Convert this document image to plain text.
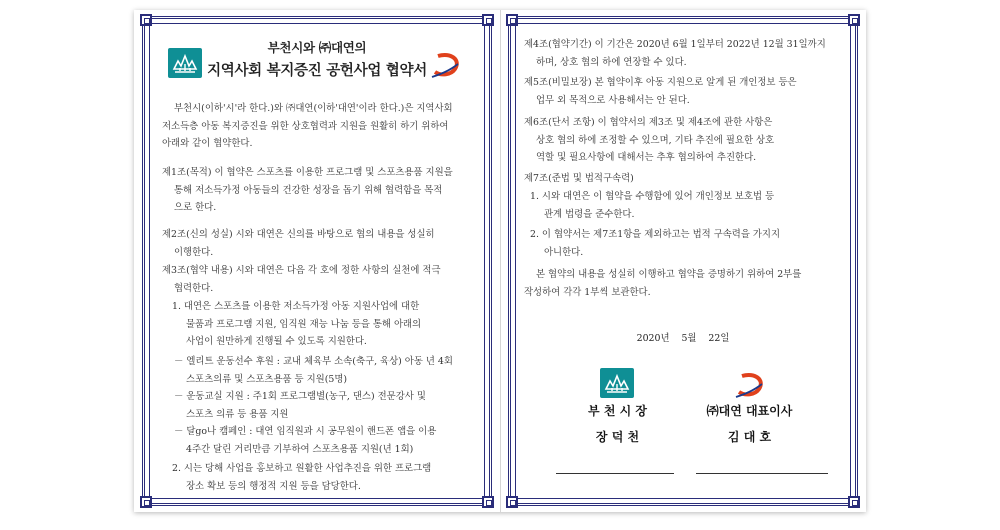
부천시와 ㈜대연의
지역사회 복지증진 공헌사업 협약서
부천시(이하'시'라 한다.)와 ㈜대연(이하'대연'이라 한다.)은 지역사회
저소득층 아동 복지증진을 위한 상호협력과 지원을 원활히 하기 위하여
아래와 같이 협약한다.
제1조(목적) 이 협약은 스포츠를 이용한 프로그램 및 스포츠용품 지원을
통해 저소득가정 아동들의 건강한 성장을 돕기 위해 협력함을 목적
으로 한다.
제2조(신의 성실) 시와 대연은 신의를 바탕으로 협의 내용을 성실히
이행한다.
제3조(협약 내용) 시와 대연은 다음 각 호에 정한 사항의 실천에 적극
협력한다.
1. 대연은 스포츠를 이용한 저소득가정 아동 지원사업에 대한
물품과 프로그램 지원, 임직원 재능 나눔 등을 통해 아래의
사업이 원만하게 진행될 수 있도록 지원한다.
－ 엘리트 운동선수 후원 : 교내 체육부 소속(축구, 육상) 아동 년 4회
스포츠의류 및 스포츠용품 등 지원(5명)
－ 운동교실 지원 : 주1회 프로그램별(농구, 댄스) 전문강사 및
스포츠 의류 등 용품 지원
－ 달go나 캠페인 : 대연 임직원과 시 공무원이 핸드폰 앱을 이용
4주간 달린 거리만큼 기부하여 스포츠용품 지원(년 1회)
2. 시는 당해 사업을 홍보하고 원활한 사업추진을 위한 프로그램
장소 확보 등의 행정적 지원 등을 담당한다.
제4조(협약기간) 이 기간은 2020년 6월 1일부터 2022년 12월 31일까지
하며, 상호 협의 하에 연장할 수 있다.
제5조(비밀보장) 본 협약이후 아동 지원으로 알게 된 개인정보 등은
업무 외 목적으로 사용해서는 안 된다.
제6조(단서 조항) 이 협약서의 제3조 및 제4조에 관한 사항은
상호 협의 하에 조정할 수 있으며, 기타 추진에 필요한 상호
역할 및 필요사항에 대해서는 추후 협의하여 추진한다.
제7조(준법 및 법적구속력)
1. 시와 대연은 이 협약을 수행함에 있어 개인정보 보호법 등
관계 법령을 준수한다.
2. 이 협약서는 제7조1항을 제외하고는 법적 구속력을 가지지
아니한다.
본 협약의 내용을 성실히 이행하고 협약을 증명하기 위하여 2부를
작성하여 각각 1부씩 보관한다.
2020년    5월    22일
부 천 시 장
장 덕 천
㈜대연 대표이사
김 대 호
